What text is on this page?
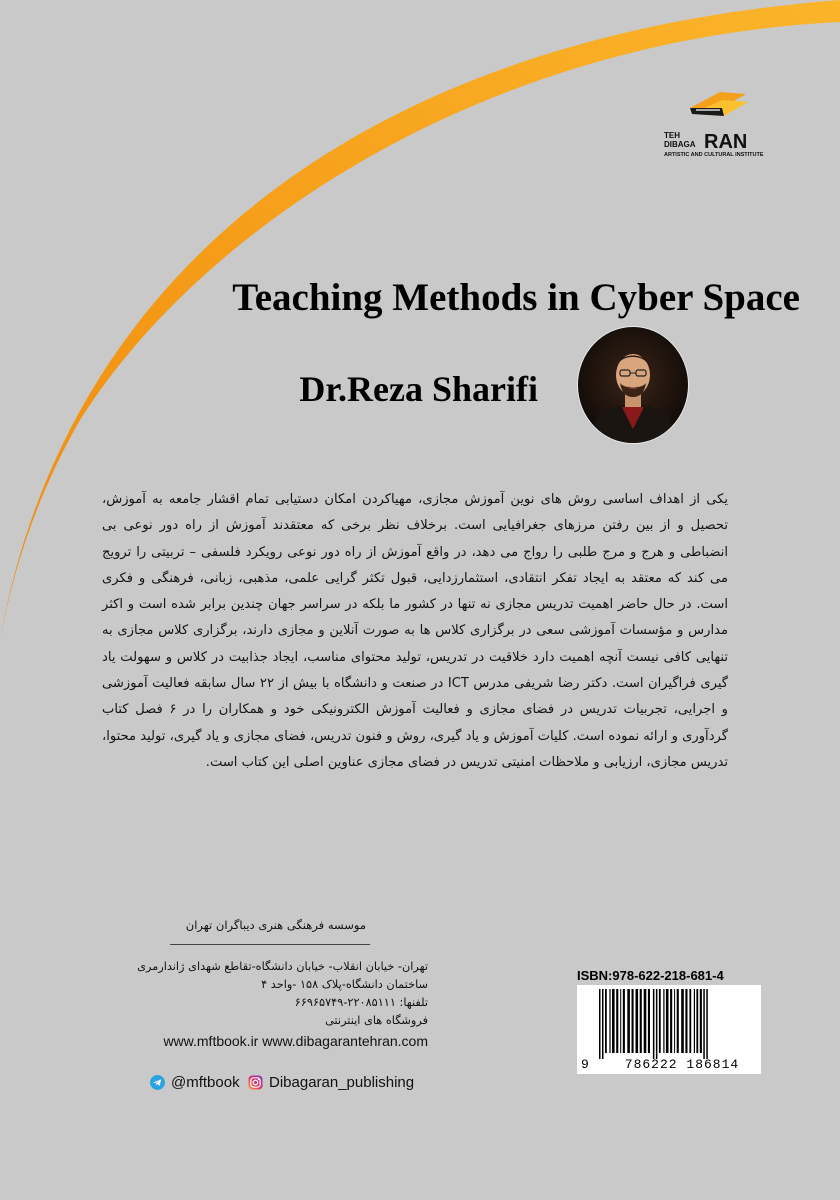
TEH
DIBAGA RAN
ARTISTIC AND CULTURAL INSTITUTE
Teaching Methods in Cyber Space
Dr.Reza Sharifi

یکی از اهداف اساسی روش های نوین آموزش مجازی، مهیاکردن امکان دستیابی تمام اقشار جامعه به آموزش، تحصیل و از بین رفتن مرزهای جغرافیایی است. برخلاف نظر برخی که معتقدند آموزش از راه دور نوعی بی انضباطی و هرج و مرج طلبی را رواج می دهد، در واقع آموزش از راه دور نوعی رویکرد فلسفی – تربیتی را ترویج می کند که معتقد به ایجاد تفکر انتقادی، استثمارزدایی، قبول تکثر گرایی علمی، مذهبی، زبانی، فرهنگی و فکری است. در حال حاضر اهمیت تدریس مجازی نه تنها در کشور ما بلکه در سراسر جهان چندین برابر شده است و اکثر مدارس و مؤسسات آموزشی سعی در برگزاری کلاس ها به صورت آنلاین و مجازی دارند، برگزاری کلاس مجازی به تنهایی کافی نیست آنچه اهمیت دارد خلاقیت در تدریس، تولید محتوای مناسب، ایجاد جذابیت در کلاس و سهولت یاد گیری فراگیران است. دکتر رضا شریفی مدرس ICT در صنعت و دانشگاه با بیش از ۲۲ سال سابقه فعالیت آموزشی و اجرایی، تجربیات تدریس در فضای مجازی و فعالیت آموزش الکترونیکی خود و همکاران را در ۶ فصل کتاب گردآوری و ارائه نموده است. کلیات آموزش و یاد گیری، روش و فنون تدریس، فضای مجازی و یاد گیری، تولید محتوا، تدریس مجازی، ارزیابی و ملاحظات امنیتی تدریس در فضای مجازی عناوین اصلی این کتاب است.

موسسه فرهنگی هنری دیباگران تهران
تهران- خیابان انقلاب- خیابان دانشگاه-تقاطع شهدای ژاندارمری
ساختمان دانشگاه-پلاک ۱۵۸ -واحد ۴
تلفنها: ۲۲۰۸۵۱۱۱-۶۶۹۶۵۷۴۹
فروشگاه های اینترنتی
www.mftbook.ir www.dibagarantehran.com
@mftbook Dibagaran_publishing
ISBN:978-622-218-681-4
9	786222 186814
